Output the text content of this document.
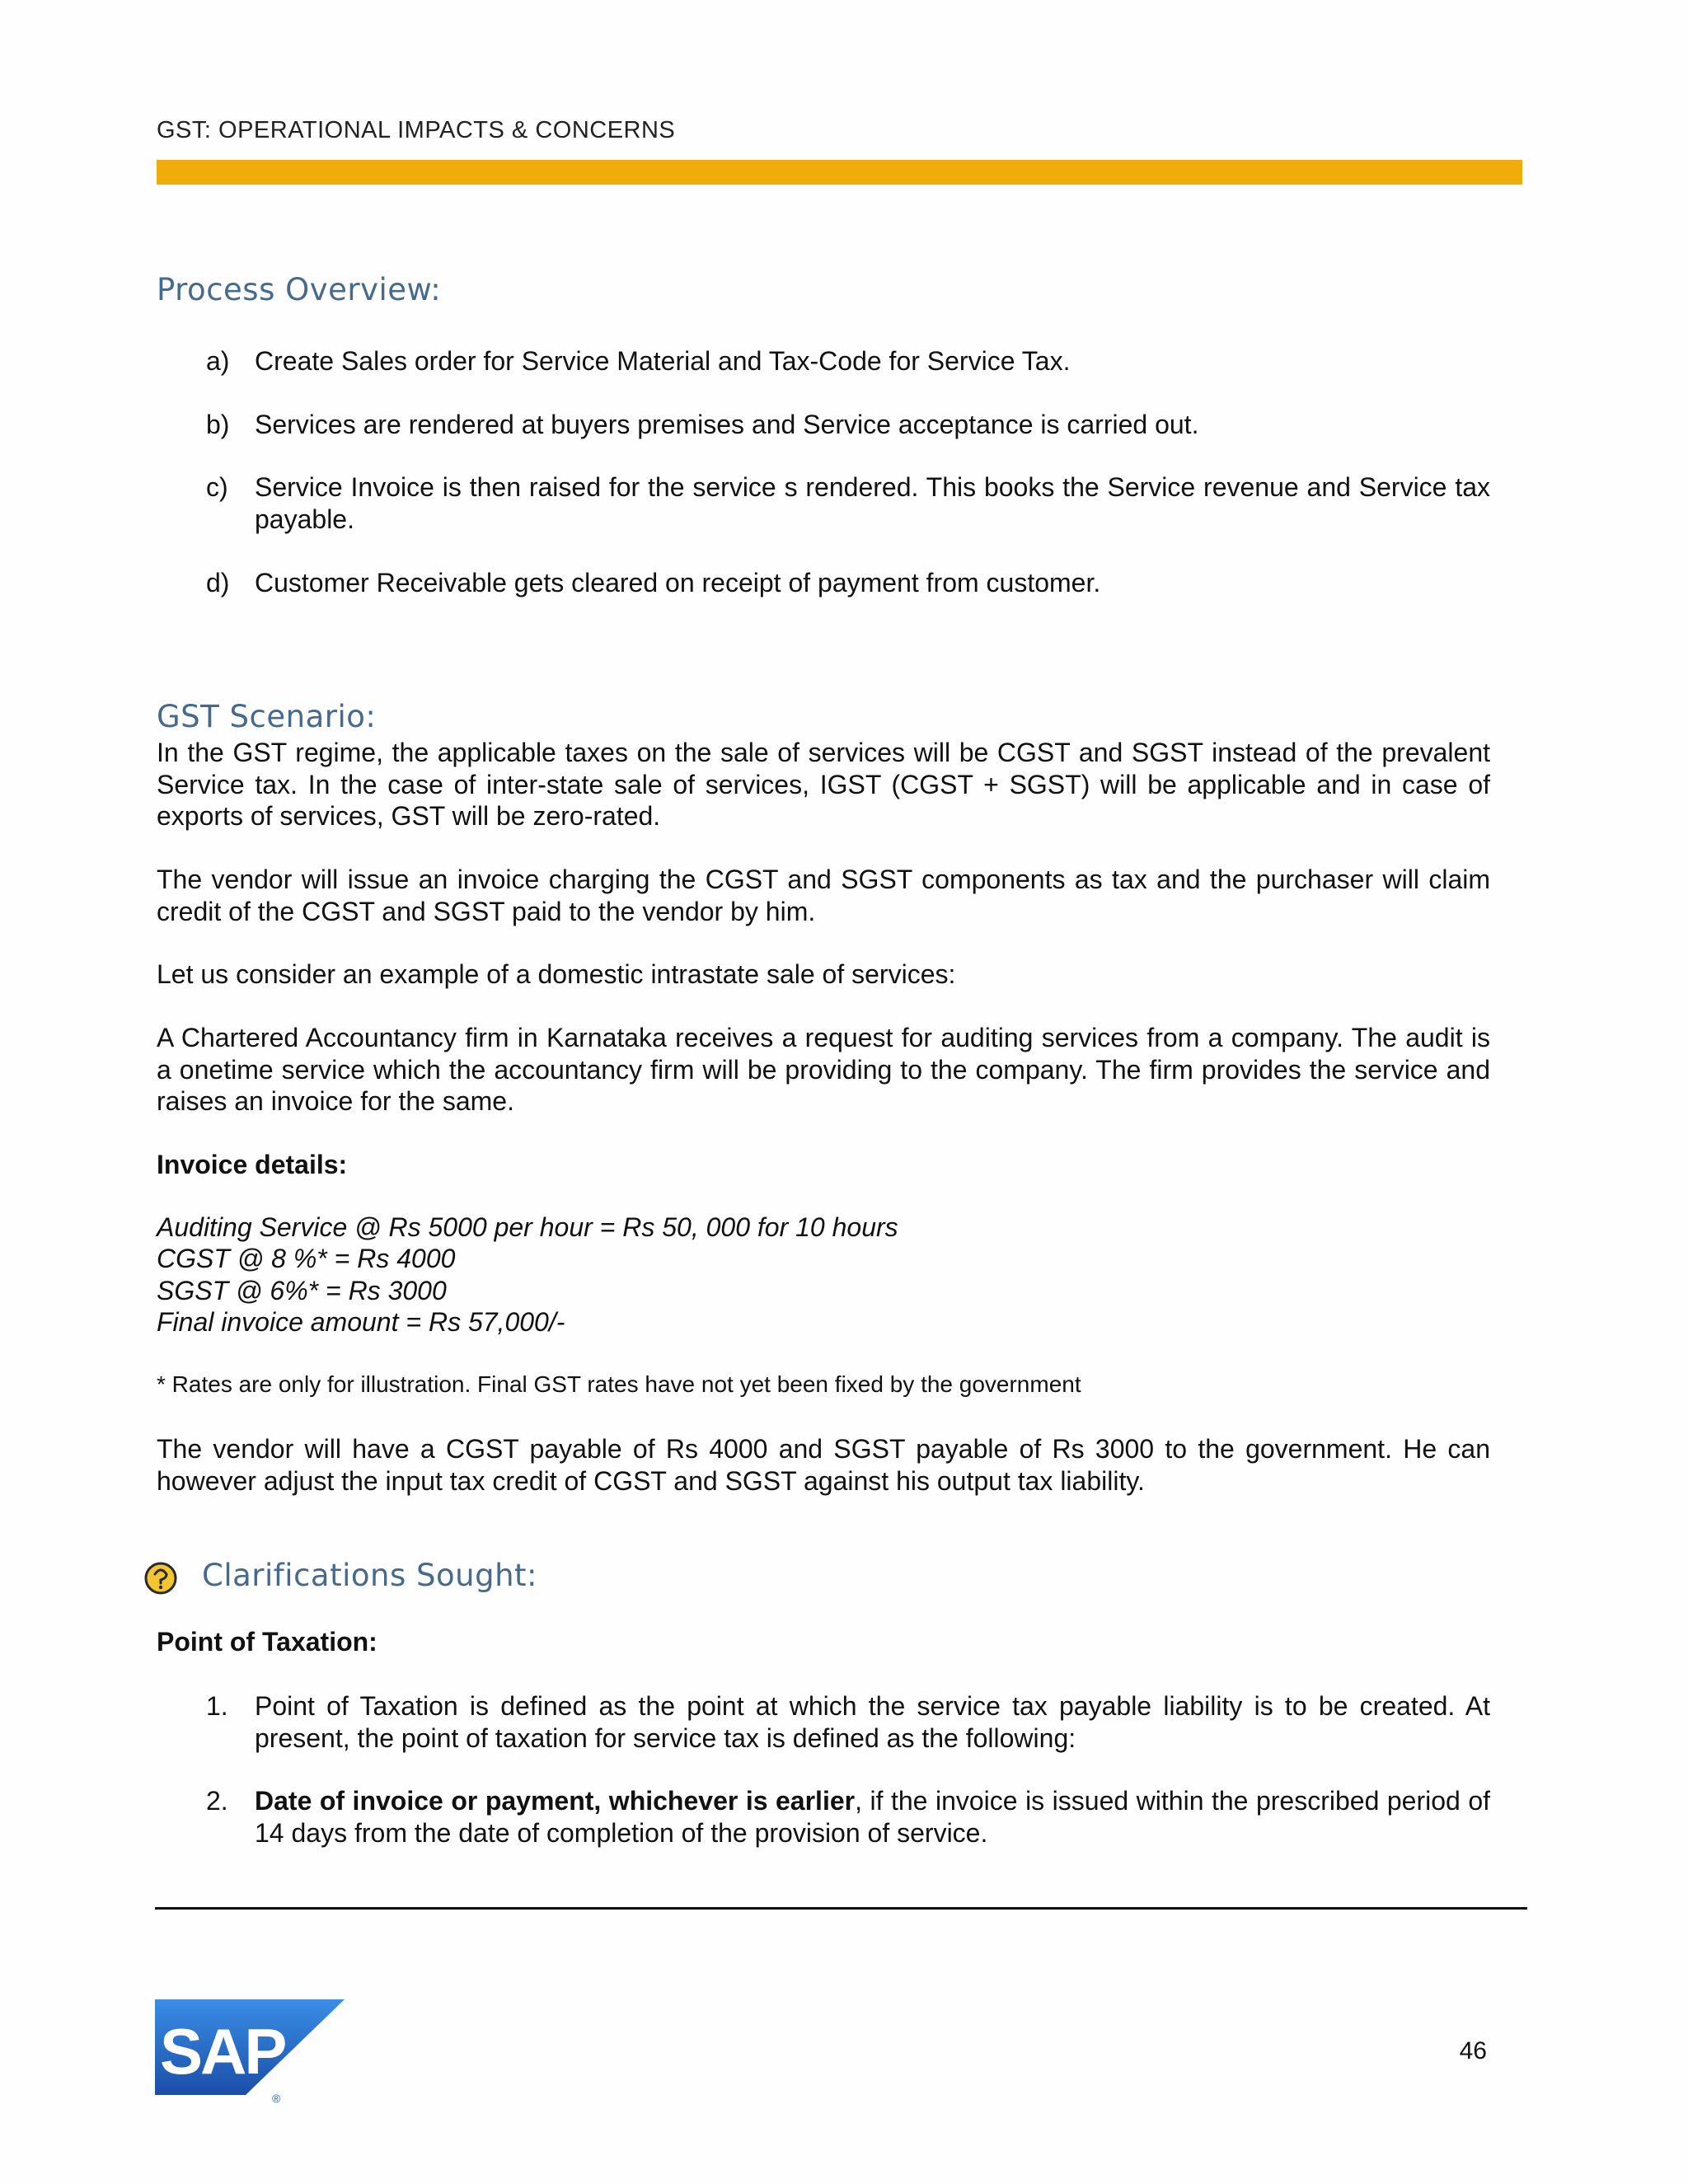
GST: OPERATIONAL IMPACTS & CONCERNS
Process Overview:
a) Create Sales order for Service Material and Tax-Code for Service Tax.
b) Services are rendered at buyers premises and Service acceptance is carried out.
c) Service Invoice is then raised for the service s rendered. This books the Service revenue and Service tax payable.
d) Customer Receivable gets cleared on receipt of payment from customer.
GST Scenario:
In the GST regime, the applicable taxes on the sale of services will be CGST and SGST instead of the prevalent Service tax. In the case of inter-state sale of services, IGST (CGST + SGST) will be applicable and in case of exports of services, GST will be zero-rated.
The vendor will issue an invoice charging the CGST and SGST components as tax and the purchaser will claim credit of the CGST and SGST paid to the vendor by him.
Let us consider an example of a domestic intrastate sale of services:
A Chartered Accountancy firm in Karnataka receives a request for auditing services from a company. The audit is a onetime service which the accountancy firm will be providing to the company. The firm provides the service and raises an invoice for the same.
Invoice details:
Auditing Service @ Rs 5000 per hour = Rs 50, 000 for 10 hours
CGST @ 8 %* = Rs 4000
SGST @ 6%* = Rs 3000
Final invoice amount = Rs 57,000/-
* Rates are only for illustration. Final GST rates have not yet been fixed by the government
The vendor will have a CGST payable of Rs 4000 and SGST payable of Rs 3000 to the government. He can however adjust the input tax credit of CGST and SGST against his output tax liability.
Clarifications Sought:
Point of Taxation:
1. Point of Taxation is defined as the point at which the service tax payable liability is to be created. At present, the point of taxation for service tax is defined as the following:
2. Date of invoice or payment, whichever is earlier, if the invoice is issued within the prescribed period of 14 days from the date of completion of the provision of service.
SAP
®
46
